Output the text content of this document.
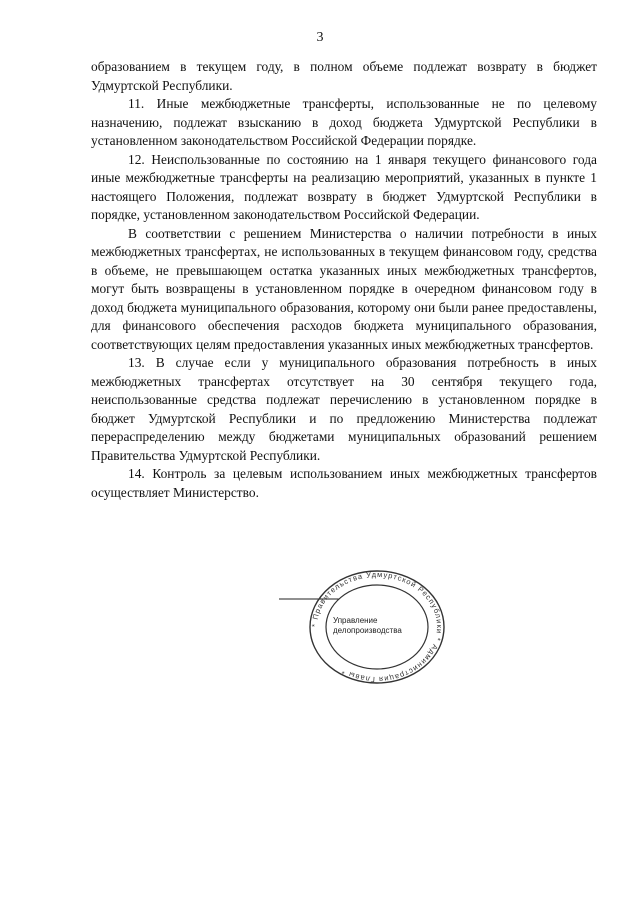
3

образованием в текущем году, в полном объеме подлежат возврату в бюджет Удмуртской Республики.

11. Иные межбюджетные трансферты, использованные не по целевому назначению, подлежат взысканию в доход бюджета Удмуртской Республики в установленном законодательством Российской Федерации порядке.

12. Неиспользованные по состоянию на 1 января текущего финансового года иные межбюджетные трансферты на реализацию мероприятий, указанных в пункте 1 настоящего Положения, подлежат возврату в бюджет Удмуртской Республики в порядке, установленном законодательством Российской Федерации.

В соответствии с решением Министерства о наличии потребности в иных межбюджетных трансфертах, не использованных в текущем финансовом году, средства в объеме, не превышающем остатка указанных иных межбюджетных трансфертов, могут быть возвращены в установленном порядке в очередном финансовом году в доход бюджета муниципального образования, которому они были ранее предоставлены, для финансового обеспечения расходов бюджета муниципального образования, соответствующих целям предоставления указанных иных межбюджетных трансфертов.

13. В случае если у муниципального образования потребность в иных межбюджетных трансфертах отсутствует на 30 сентября текущего года, неиспользованные средства подлежат перечислению в установленном порядке в бюджет Удмуртской Республики и по предложению Министерства подлежат перераспределению между бюджетами муниципальных образований решением Правительства Удмуртской Республики.

14. Контроль за целевым использованием иных межбюджетных трансфертов осуществляет Министерство.

* Правительства Удмуртской Республики * Администрация Главы *
Управление
делопроизводства
